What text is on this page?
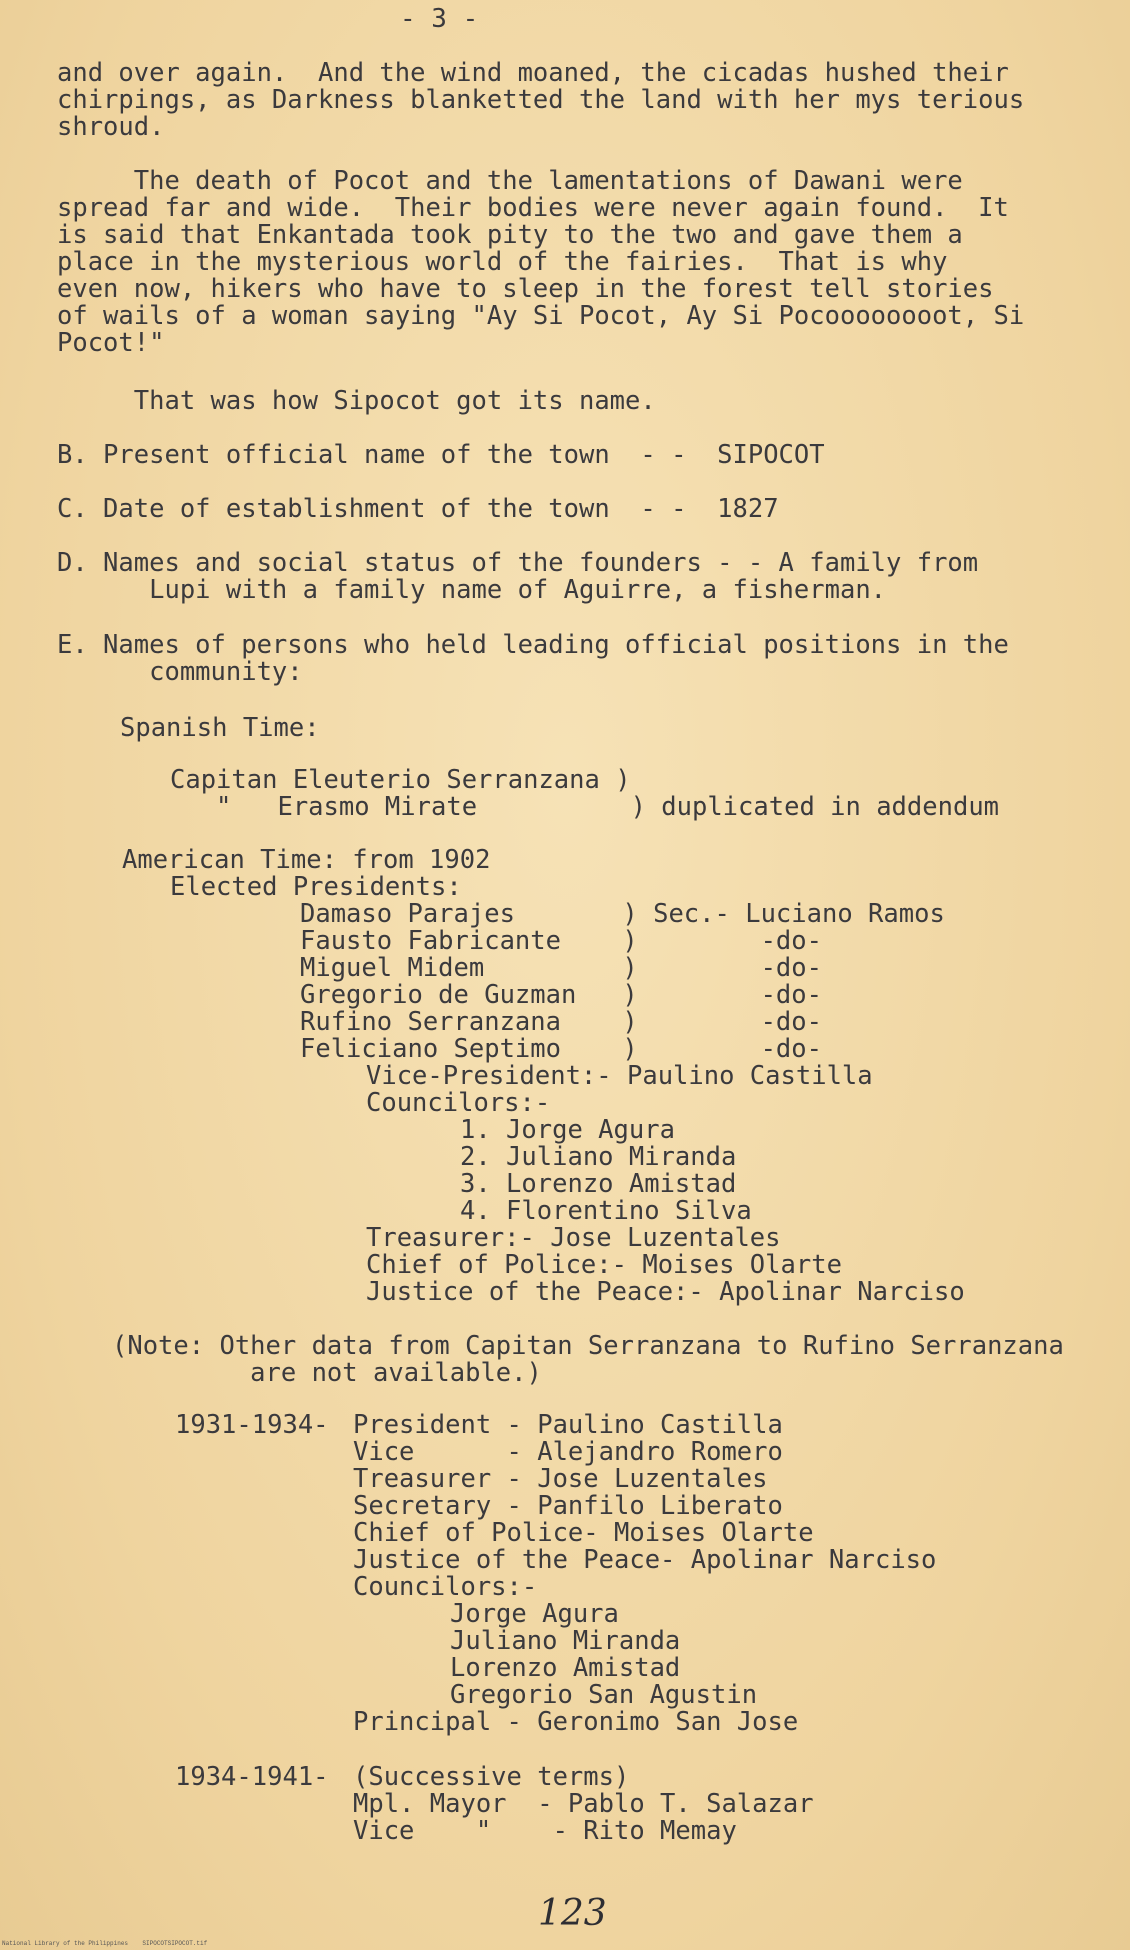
- 3 -
and over again.  And the wind moaned, the cicadas hushed their
chirpings, as Darkness blanketted the land with her mys terious
shroud.
The death of Pocot and the lamentations of Dawani were
spread far and wide.  Their bodies were never again found.  It
is said that Enkantada took pity to the two and gave them a
place in the mysterious world of the fairies.  That is why
even now, hikers who have to sleep in the forest tell stories
of wails of a woman saying "Ay Si Pocot, Ay Si Pocoooooooot, Si
Pocot!"
That was how Sipocot got its name.
B. Present official name of the town  - -  SIPOCOT
C. Date of establishment of the town  - -  1827
D. Names and social status of the founders - - A family from
Lupi with a family name of Aguirre, a fisherman.
E. Names of persons who held leading official positions in the
community:
Spanish Time:
Capitan Eleuterio Serranzana )
"   Erasmo Mirate          ) duplicated in addendum
American Time: from 1902
Elected Presidents:
Damaso Parajes       ) Sec.- Luciano Ramos
Fausto Fabricante    )        -do-
Miguel Midem         )        -do-
Gregorio de Guzman   )        -do-
Rufino Serranzana    )        -do-
Feliciano Septimo    )        -do-
Vice-President:- Paulino Castilla
Councilors:-
1. Jorge Agura
2. Juliano Miranda
3. Lorenzo Amistad
4. Florentino Silva
Treasurer:- Jose Luzentales
Chief of Police:- Moises Olarte
Justice of the Peace:- Apolinar Narciso
(Note: Other data from Capitan Serranzana to Rufino Serranzana
are not available.)
1931-1934- President - Paulino Castilla
Vice      - Alejandro Romero
Treasurer - Jose Luzentales
Secretary - Panfilo Liberato
Chief of Police- Moises Olarte
Justice of the Peace- Apolinar Narciso
Councilors:-
Jorge Agura
Juliano Miranda
Lorenzo Amistad
Gregorio San Agustin
Principal - Geronimo San Jose
1934-1941- (Successive terms)
Mpl. Mayor  - Pablo T. Salazar
Vice    "    - Rito Memay
123
National Library of the Philippines    SIPOCOTSIPOCOT.tif
